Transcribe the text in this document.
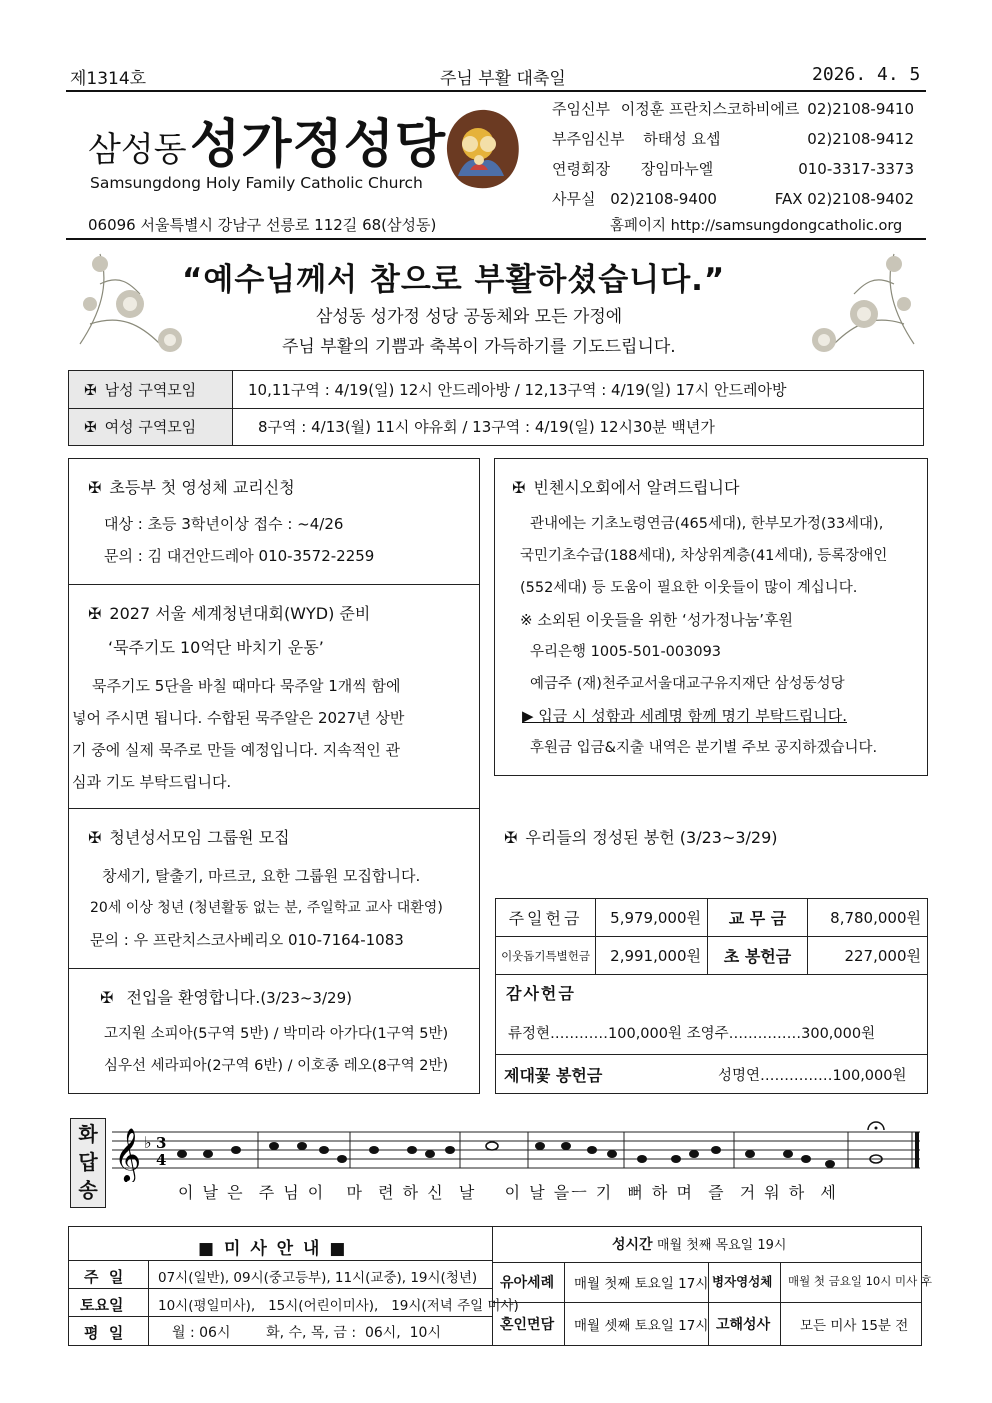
제1314호	주님 부활 대축일	2026. 4. 5
삼성동 성가정성당
Samsungdong Holy Family Catholic Church
주임신부 이정훈 프란치스코하비에르 02)2108-9410
부주임신부 하태성 요셉	02)2108-9412
연령회장 장임마누엘	010-3317-3373
사무실 02)2108-9400	FAX 02)2108-9402
06096 서울특별시 강남구 선릉로 112길 68(삼성동)	홈페이지 http://samsungdongcatholic.org
“예수님께서 참으로 부활하셨습니다.”
삼성동 성가정 성당 공동체와 모든 가정에
주님 부활의 기쁨과 축복이 가득하기를 기도드립니다.
✠ 남성 구역모임	10,11구역 : 4/19(일) 12시 안드레아방 / 12,13구역 : 4/19(일) 17시 안드레아방
✠ 여성 구역모임	8구역 : 4/13(월) 11시 야유회 / 13구역 : 4/19(일) 12시30분 백년가
✠ 초등부 첫 영성체 교리신청
대상 : 초등 3학년이상 접수 : ~4/26
문의 : 김 대건안드레아 010-3572-2259
✠ 2027 서울 세계청년대회(WYD) 준비
‘묵주기도 10억단 바치기 운동’
묵주기도 5단을 바칠 때마다 묵주알 1개씩 함에
넣어 주시면 됩니다. 수합된 묵주알은 2027년 상반
기 중에 실제 묵주로 만들 예정입니다. 지속적인 관
심과 기도 부탁드립니다.
✠ 청년성서모임 그룹원 모집
창세기, 탈출기, 마르코, 요한 그룹원 모집합니다.
20세 이상 청년 (청년활동 없는 분, 주일학교 교사 대환영)
문의 : 우 프란치스코사베리오 010-7164-1083
✠ 전입을 환영합니다.(3/23~3/29)
고지원 소피아(5구역 5반) / 박미라 아가다(1구역 5반)
심우선 세라피아(2구역 6반) / 이호종 레오(8구역 2반)
✠ 빈첸시오회에서 알려드립니다
관내에는 기초노령연금(465세대), 한부모가정(33세대),
국민기초수급(188세대), 차상위계층(41세대), 등록장애인
(552세대) 등 도움이 필요한 이웃들이 많이 계십니다.
※ 소외된 이웃들을 위한 ‘성가정나눔’후원
우리은행 1005-501-003093
예금주 (재)천주교서울대교구유지재단 삼성동성당
▶ 입금 시 성함과 세례명 함께 명기 부탁드립니다.
후원금 입금&지출 내역은 분기별 주보 공지하겠습니다.
✠ 우리들의 정성된 봉헌 (3/23~3/29)
주일헌금	5,979,000원	교 무 금	8,780,000원
이웃돕기특별헌금	2,991,000원	초 봉헌금	227,000원
감사헌금
류정현…………100,000원 조영주……………300,000원
제대꽃 봉헌금	성명연……………100,000원
화
답
송
𝄞 ♭ 3
4
이 날 은  주 님 이   마  련 하 신  날    이 날 을ㅡ 기  뻐 하 며  즐  거 워 하  세
■ 미 사 안 내 ■
주  일	07시(일반), 09시(중고등부), 11시(교중), 19시(청년)
토요일	10시(평일미사),   15시(어린이미사),   19시(저녁 주일 미사)
평  일	월 : 06시        화, 수, 목, 금 :  06시,  10시
성시간 매월 첫째 목요일 19시
유아세례 매월 첫째 토요일 17시 병자영성체 매월 첫 금요일 10시 미사 후
혼인면담 매월 셋째 토요일 17시 고해성사 모든 미사 15분 전
